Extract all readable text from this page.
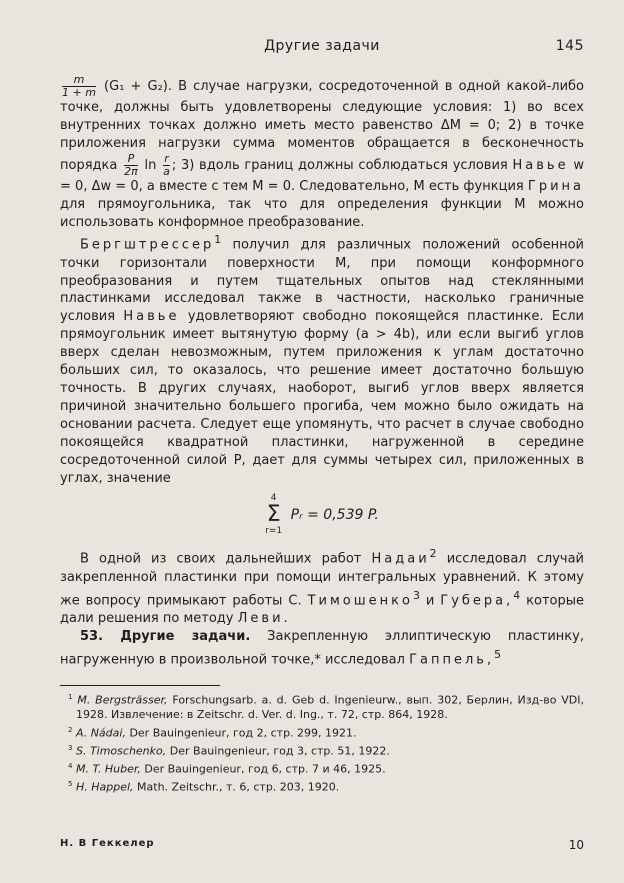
Другие задачи	145

$\frac{m}{1 + m} (G_1 + G_2)$. В случае нагрузки, сосредоточенной в одной какой-либо точке, должны быть удовлетворены следующие условия: 1) во всех внутренних точках должно иметь место равенство ΔM = 0; 2) в точке приложения нагрузки сумма моментов обращается в бесконечность порядка $\frac{P}{2\pi}$ $\ln \frac{r}{a}$ ; 3) вдоль границ должны соблюдаться условия Навье w = 0, Δw = 0, а вместе с тем M = 0. Следовательно, M есть функция Грина для прямоугольника, так что для определения функции M можно использовать конформное преобразование.

Бергштрессер$^1$ получил для различных положений особенной точки горизонтали поверхности M, при помощи конформного преобразования и путем тщательных опытов над стеклянными пластинками исследовал также в частности, насколько граничные условия Навье удовлетворяют свободно покоящейся пластинке. Если прямоугольник имеет вытянутую форму (a > 4b), или если выгиб углов вверх сделан невозможным, путем приложения к углам достаточно больших сил, то оказалось, что решение имеет достаточно большую точность. В других случаях, наоборот, выгиб углов вверх является причиной значительно большего прогиба, чем можно было ожидать на основании расчета. Следует еще упомянуть, что расчет в случае свободно покоящейся квадратной пластинки, нагруженной в середине сосредоточенной силой P, дает для суммы четырех сил, приложенных в углах, значение

4
Σ
r=1
Pᵣ = 0,539 P.

В одной из своих дальнейших работ Надаи$^2$ исследовал случай закрепленной пластинки при помощи интегральных уравнений. К этому же вопросу примыкают работы С. Тимошенко$^3$ и Губера,$^4$ которые дали решения по методу Леви.

53. Другие задачи. Закрепленную эллиптическую пластинку, нагруженную в произвольной точке,* исследовал Гаппель,$^5$

$^1$ M. Bergsträsser, Forschungsarb. a. d. Geb d. Ingenieurw., вып. 302, Берлин, Изд-во VDI, 1928. Извлечение: в Zeitschr. d. Ver. d. Ing., т. 72, стр. 864, 1928.

$^2$ A. Nádai, Der Bauingenieur, год 2, стр. 299, 1921.

$^3$ S. Timoschenko, Der Bauingenieur, год 3, стр. 51, 1922.

$^4$ M. T. Huber, Der Bauingenieur, год 6, стр. 7 и 46, 1925.

$^5$ H. Happel, Math. Zeitschr., т. 6, стр. 203, 1920.

Н. В Геккелер	10
